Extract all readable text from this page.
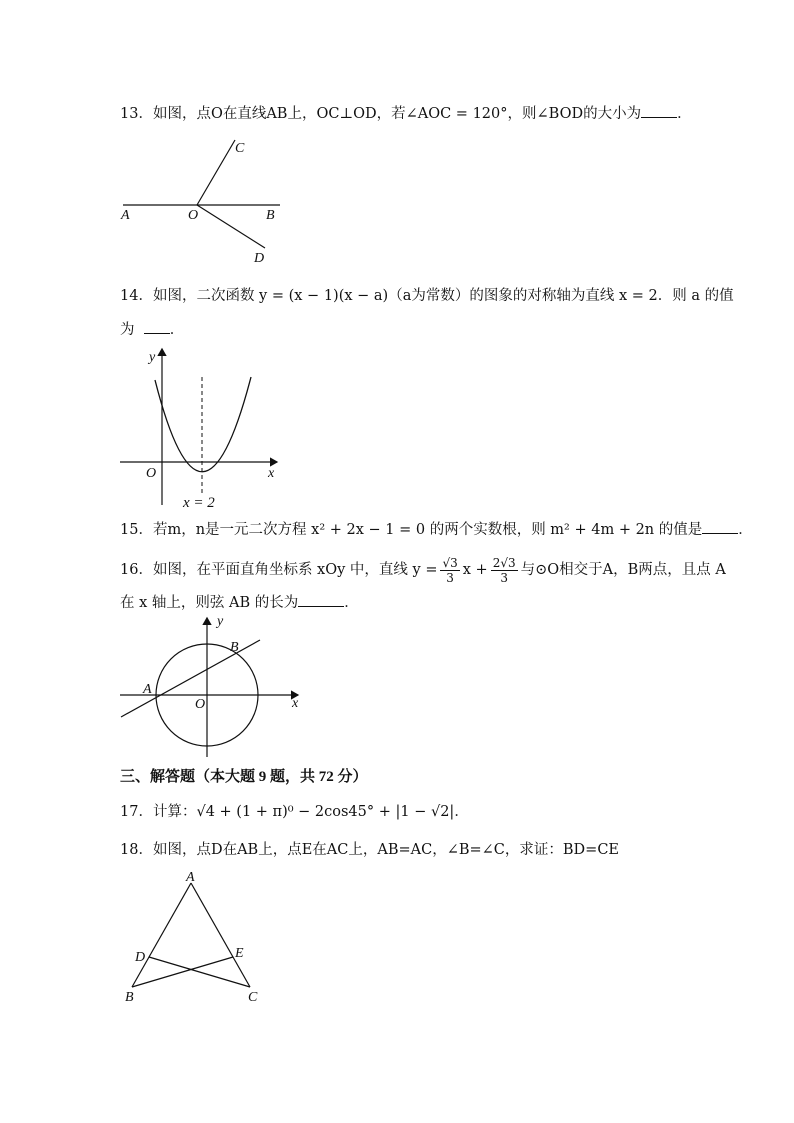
13．如图，点O在直线AB上，OC⊥OD，若∠AOC = 120°，则∠BOD的大小为 ．
A	O	B
C
D
14．如图，二次函数 y = (x − 1)(x − a)（a为常数）的图象的对称轴为直线 x = 2．则 a 的值
为 ．
y
x
O
x = 2
15．若m，n是一元二次方程 x² + 2x − 1 = 0 的两个实数根，则 m² + 4m + 2n 的值是 ．
16．如图，在平面直角坐标系 xOy 中，直线 $y = \frac{√3}{3}$ $x + \frac{2√3}{3}$ 与⊙O相交于A，B两点，且点 A
在 x 轴上，则弦 AB 的长为	．
y
x
O
A
B
三、解答题（本大题 9 题，共 72 分）
17．计算：√4 + (1 + π)⁰ − 2cos45° + |1 − √2|．
18．如图，点D在AB上，点E在AC上，AB=AC，∠B=∠C，求证：BD=CE
A
D	E
B	C
